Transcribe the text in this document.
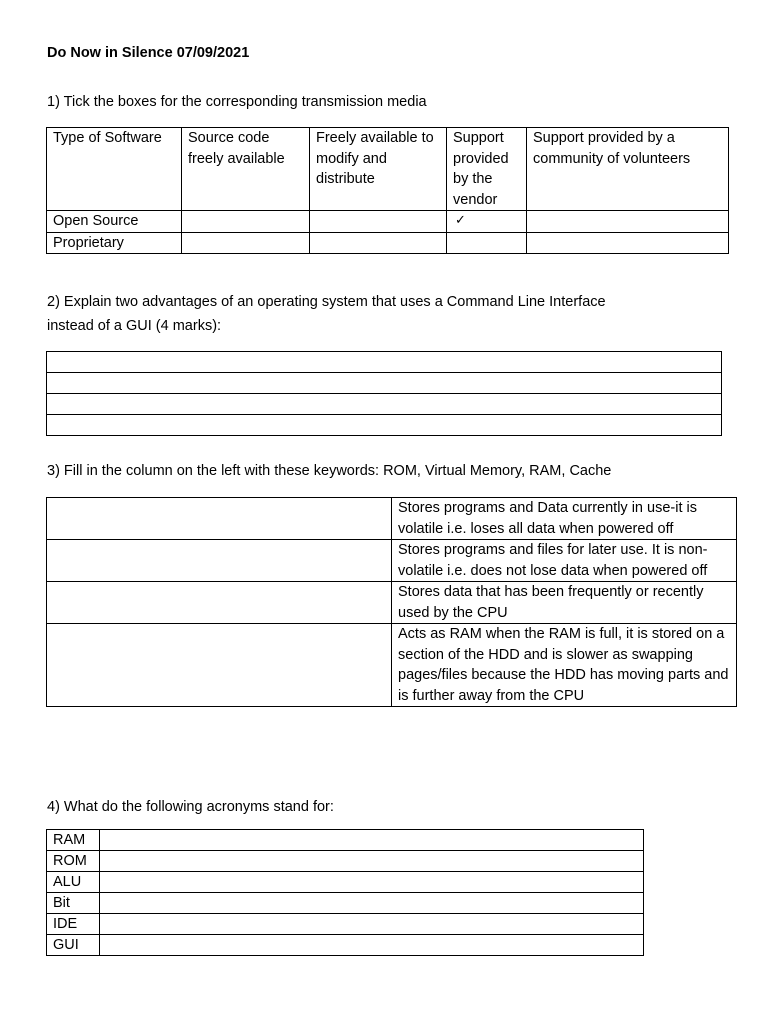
Do Now in Silence 07/09/2021
1) Tick the boxes for the corresponding transmission media
Type of Software	Source code freely available	Freely available to modify and distribute	Support provided by the vendor	Support provided by a community of volunteers
Open Source			✓	
Proprietary				
2) Explain two advantages of an operating system that uses a Command Line Interface
instead of a GUI (4 marks):

3) Fill in the column on the left with these keywords: ROM, Virtual Memory, RAM, Cache
	Stores programs and Data currently in use-it is volatile i.e. loses all data when powered off
	Stores programs and files for later use. It is non-volatile i.e. does not lose data when powered off
	Stores data that has been frequently or recently used by the CPU
	Acts as RAM when the RAM is full, it is stored on a section of the HDD and is slower as swapping pages/files because the HDD has moving parts and is further away from the CPU
4) What do the following acronyms stand for:
RAM	
ROM	
ALU	
Bit	
IDE	
GUI	
